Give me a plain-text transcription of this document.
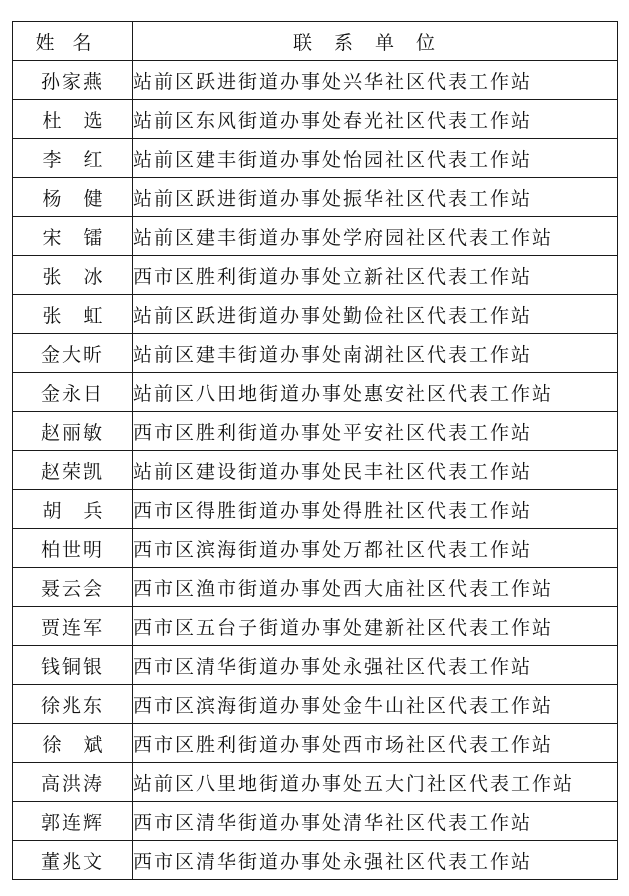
姓名	联系单位
孙家燕	站前区跃进街道办事处兴华社区代表工作站
杜选	站前区东风街道办事处春光社区代表工作站
李红	站前区建丰街道办事处怡园社区代表工作站
杨健	站前区跃进街道办事处振华社区代表工作站
宋镭	站前区建丰街道办事处学府园社区代表工作站
张冰	西市区胜利街道办事处立新社区代表工作站
张虹	站前区跃进街道办事处勤俭社区代表工作站
金大昕	站前区建丰街道办事处南湖社区代表工作站
金永日	站前区八田地街道办事处惠安社区代表工作站
赵丽敏	西市区胜利街道办事处平安社区代表工作站
赵荣凯	站前区建设街道办事处民丰社区代表工作站
胡兵	西市区得胜街道办事处得胜社区代表工作站
柏世明	西市区滨海街道办事处万都社区代表工作站
聂云会	西市区渔市街道办事处西大庙社区代表工作站
贾连军	西市区五台子街道办事处建新社区代表工作站
钱铜银	西市区清华街道办事处永强社区代表工作站
徐兆东	西市区滨海街道办事处金牛山社区代表工作站
徐斌	西市区胜利街道办事处西市场社区代表工作站
高洪涛	站前区八里地街道办事处五大门社区代表工作站
郭连辉	西市区清华街道办事处清华社区代表工作站
董兆文	西市区清华街道办事处永强社区代表工作站
